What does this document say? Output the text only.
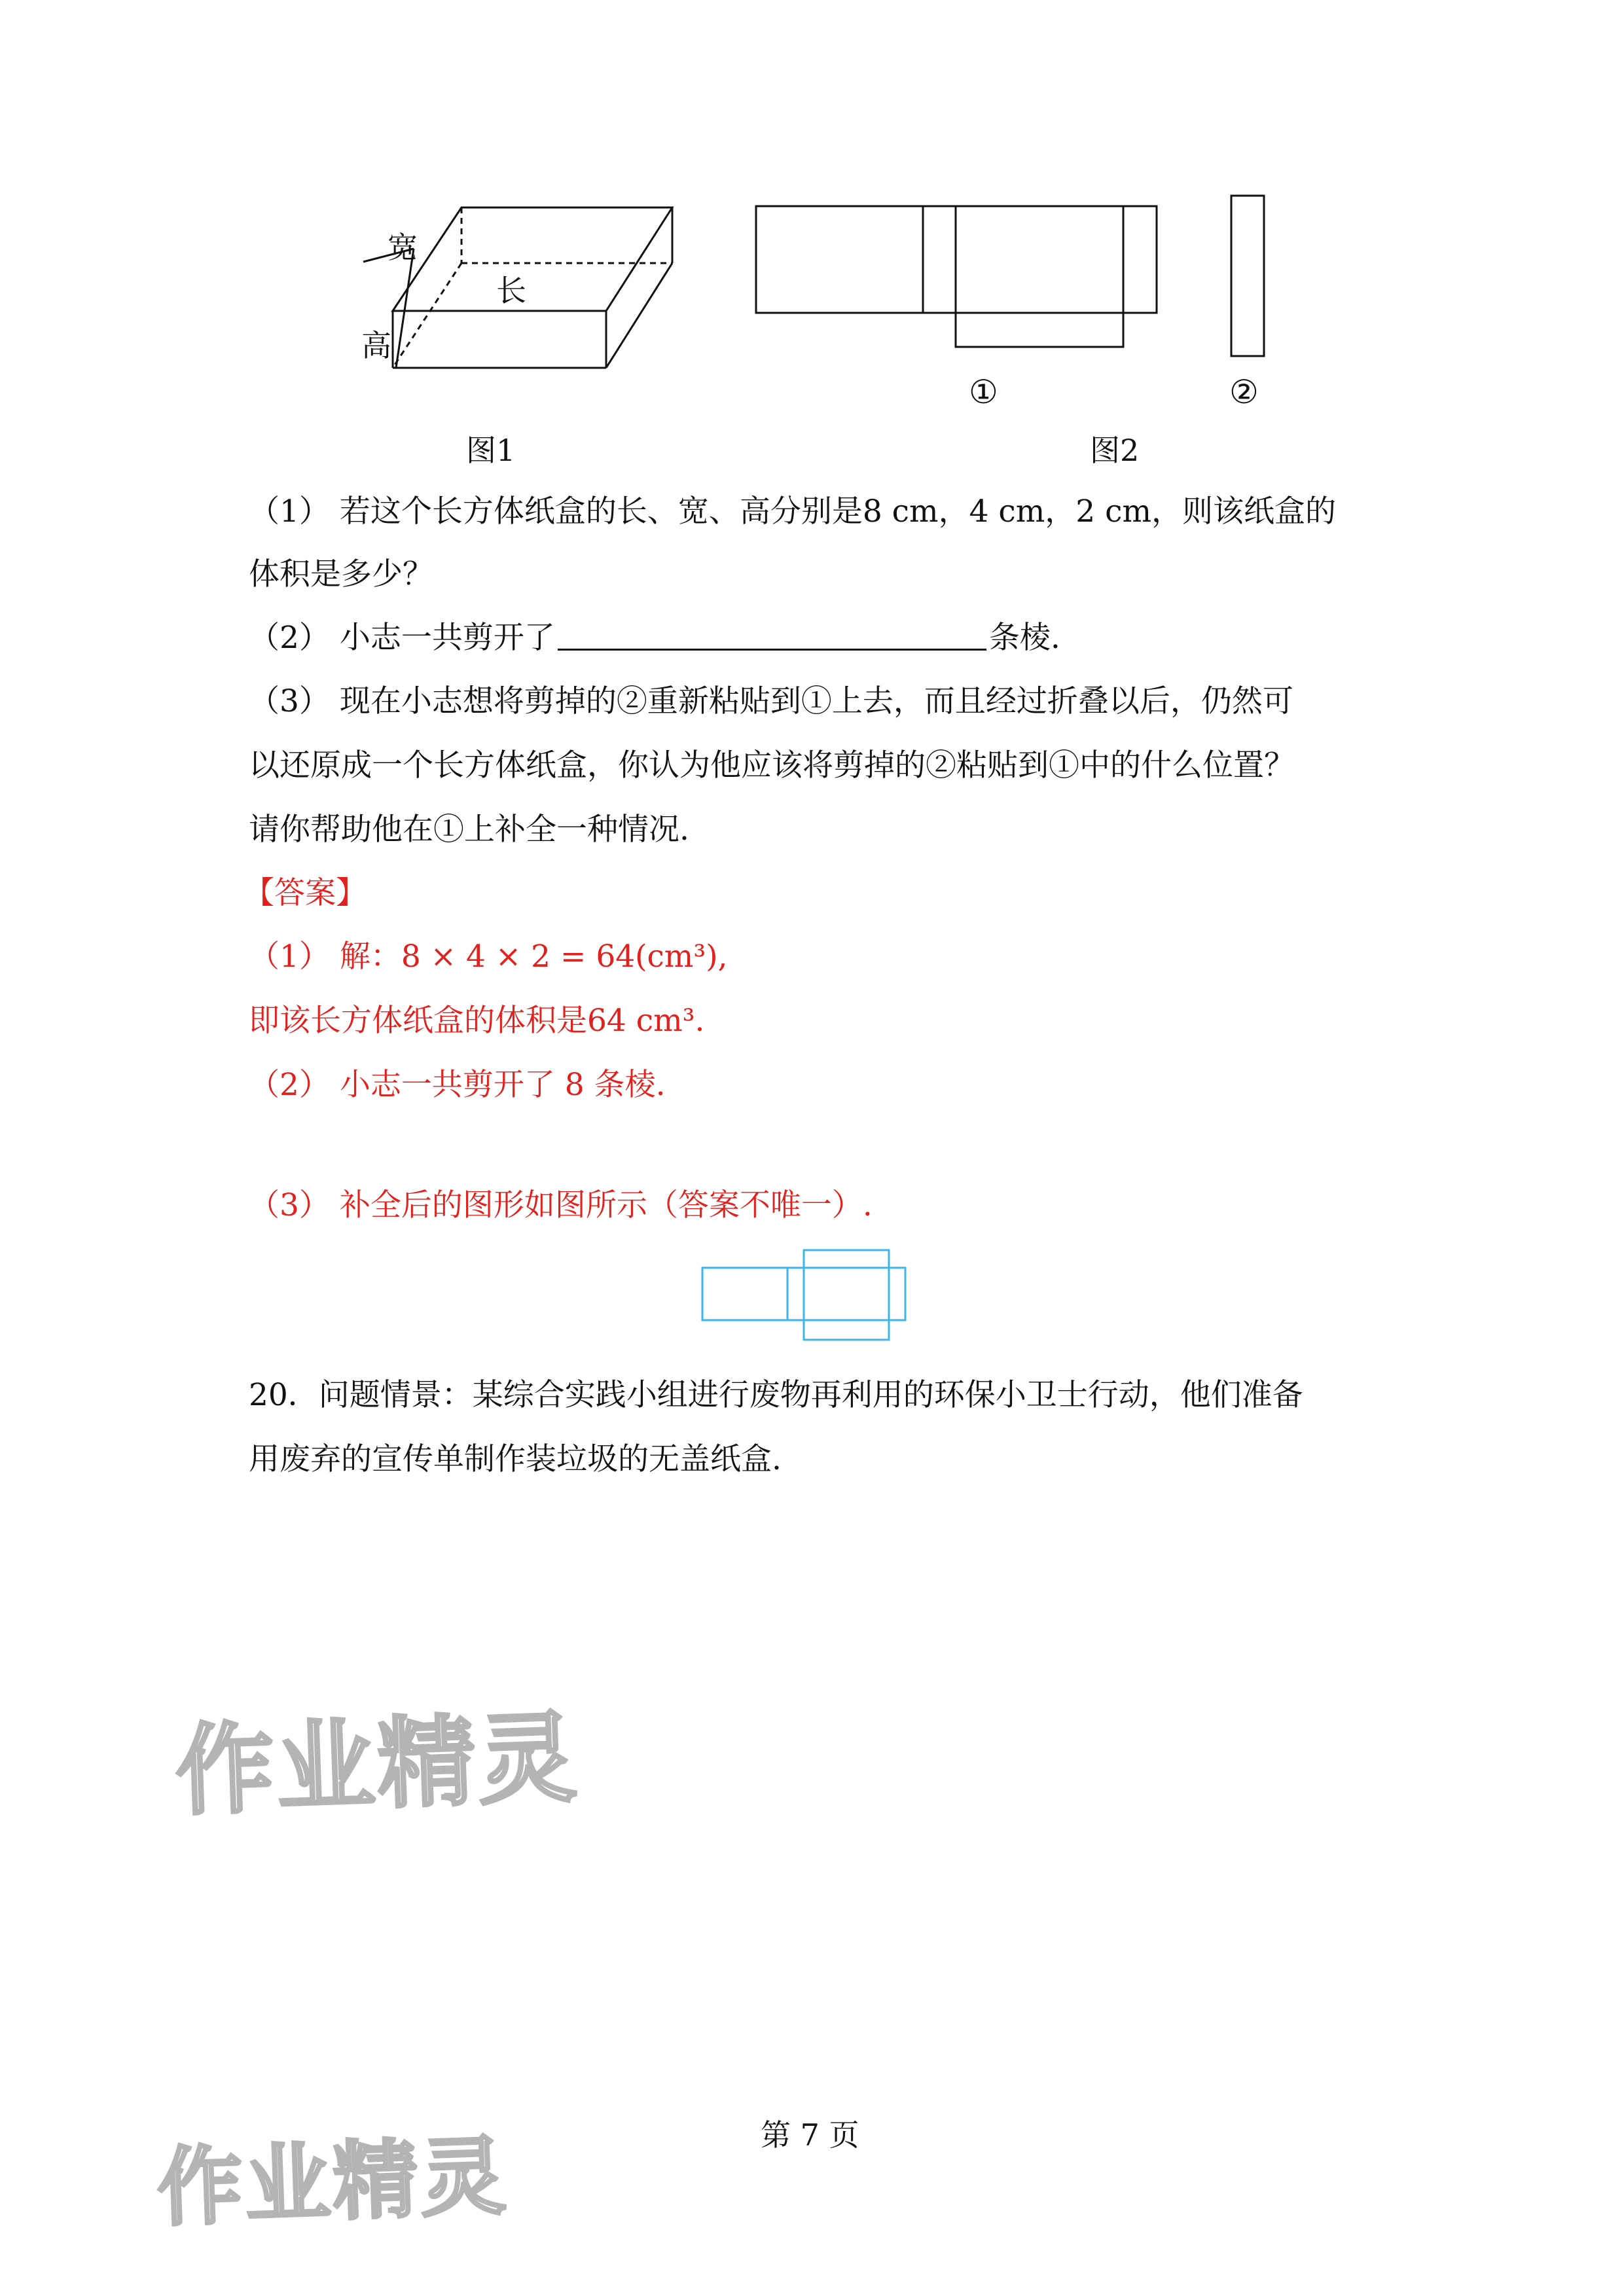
宽
长
高
①	②
图1	图2
（1） 若这个长方体纸盒的长、宽、高分别是8 cm，4 cm，2 cm，则该纸盒的
体积是多少？
（2） 小志一共剪开了	条棱.
（3） 现在小志想将剪掉的②重新粘贴到①上去，而且经过折叠以后，仍然可
以还原成一个长方体纸盒，你认为他应该将剪掉的②粘贴到①中的什么位置？
请你帮助他在①上补全一种情况.
【答案】
（1） 解：8 × 4 × 2 = 64(cm³),
即该长方体纸盒的体积是64 cm³.
（2） 小志一共剪开了 8 条棱.
（3） 补全后的图形如图所示（答案不唯一）.
20．问题情景：某综合实践小组进行废物再利用的环保小卫士行动，他们准备
用废弃的宣传单制作装垃圾的无盖纸盒.
作业精灵
作业精灵	第 7 页
